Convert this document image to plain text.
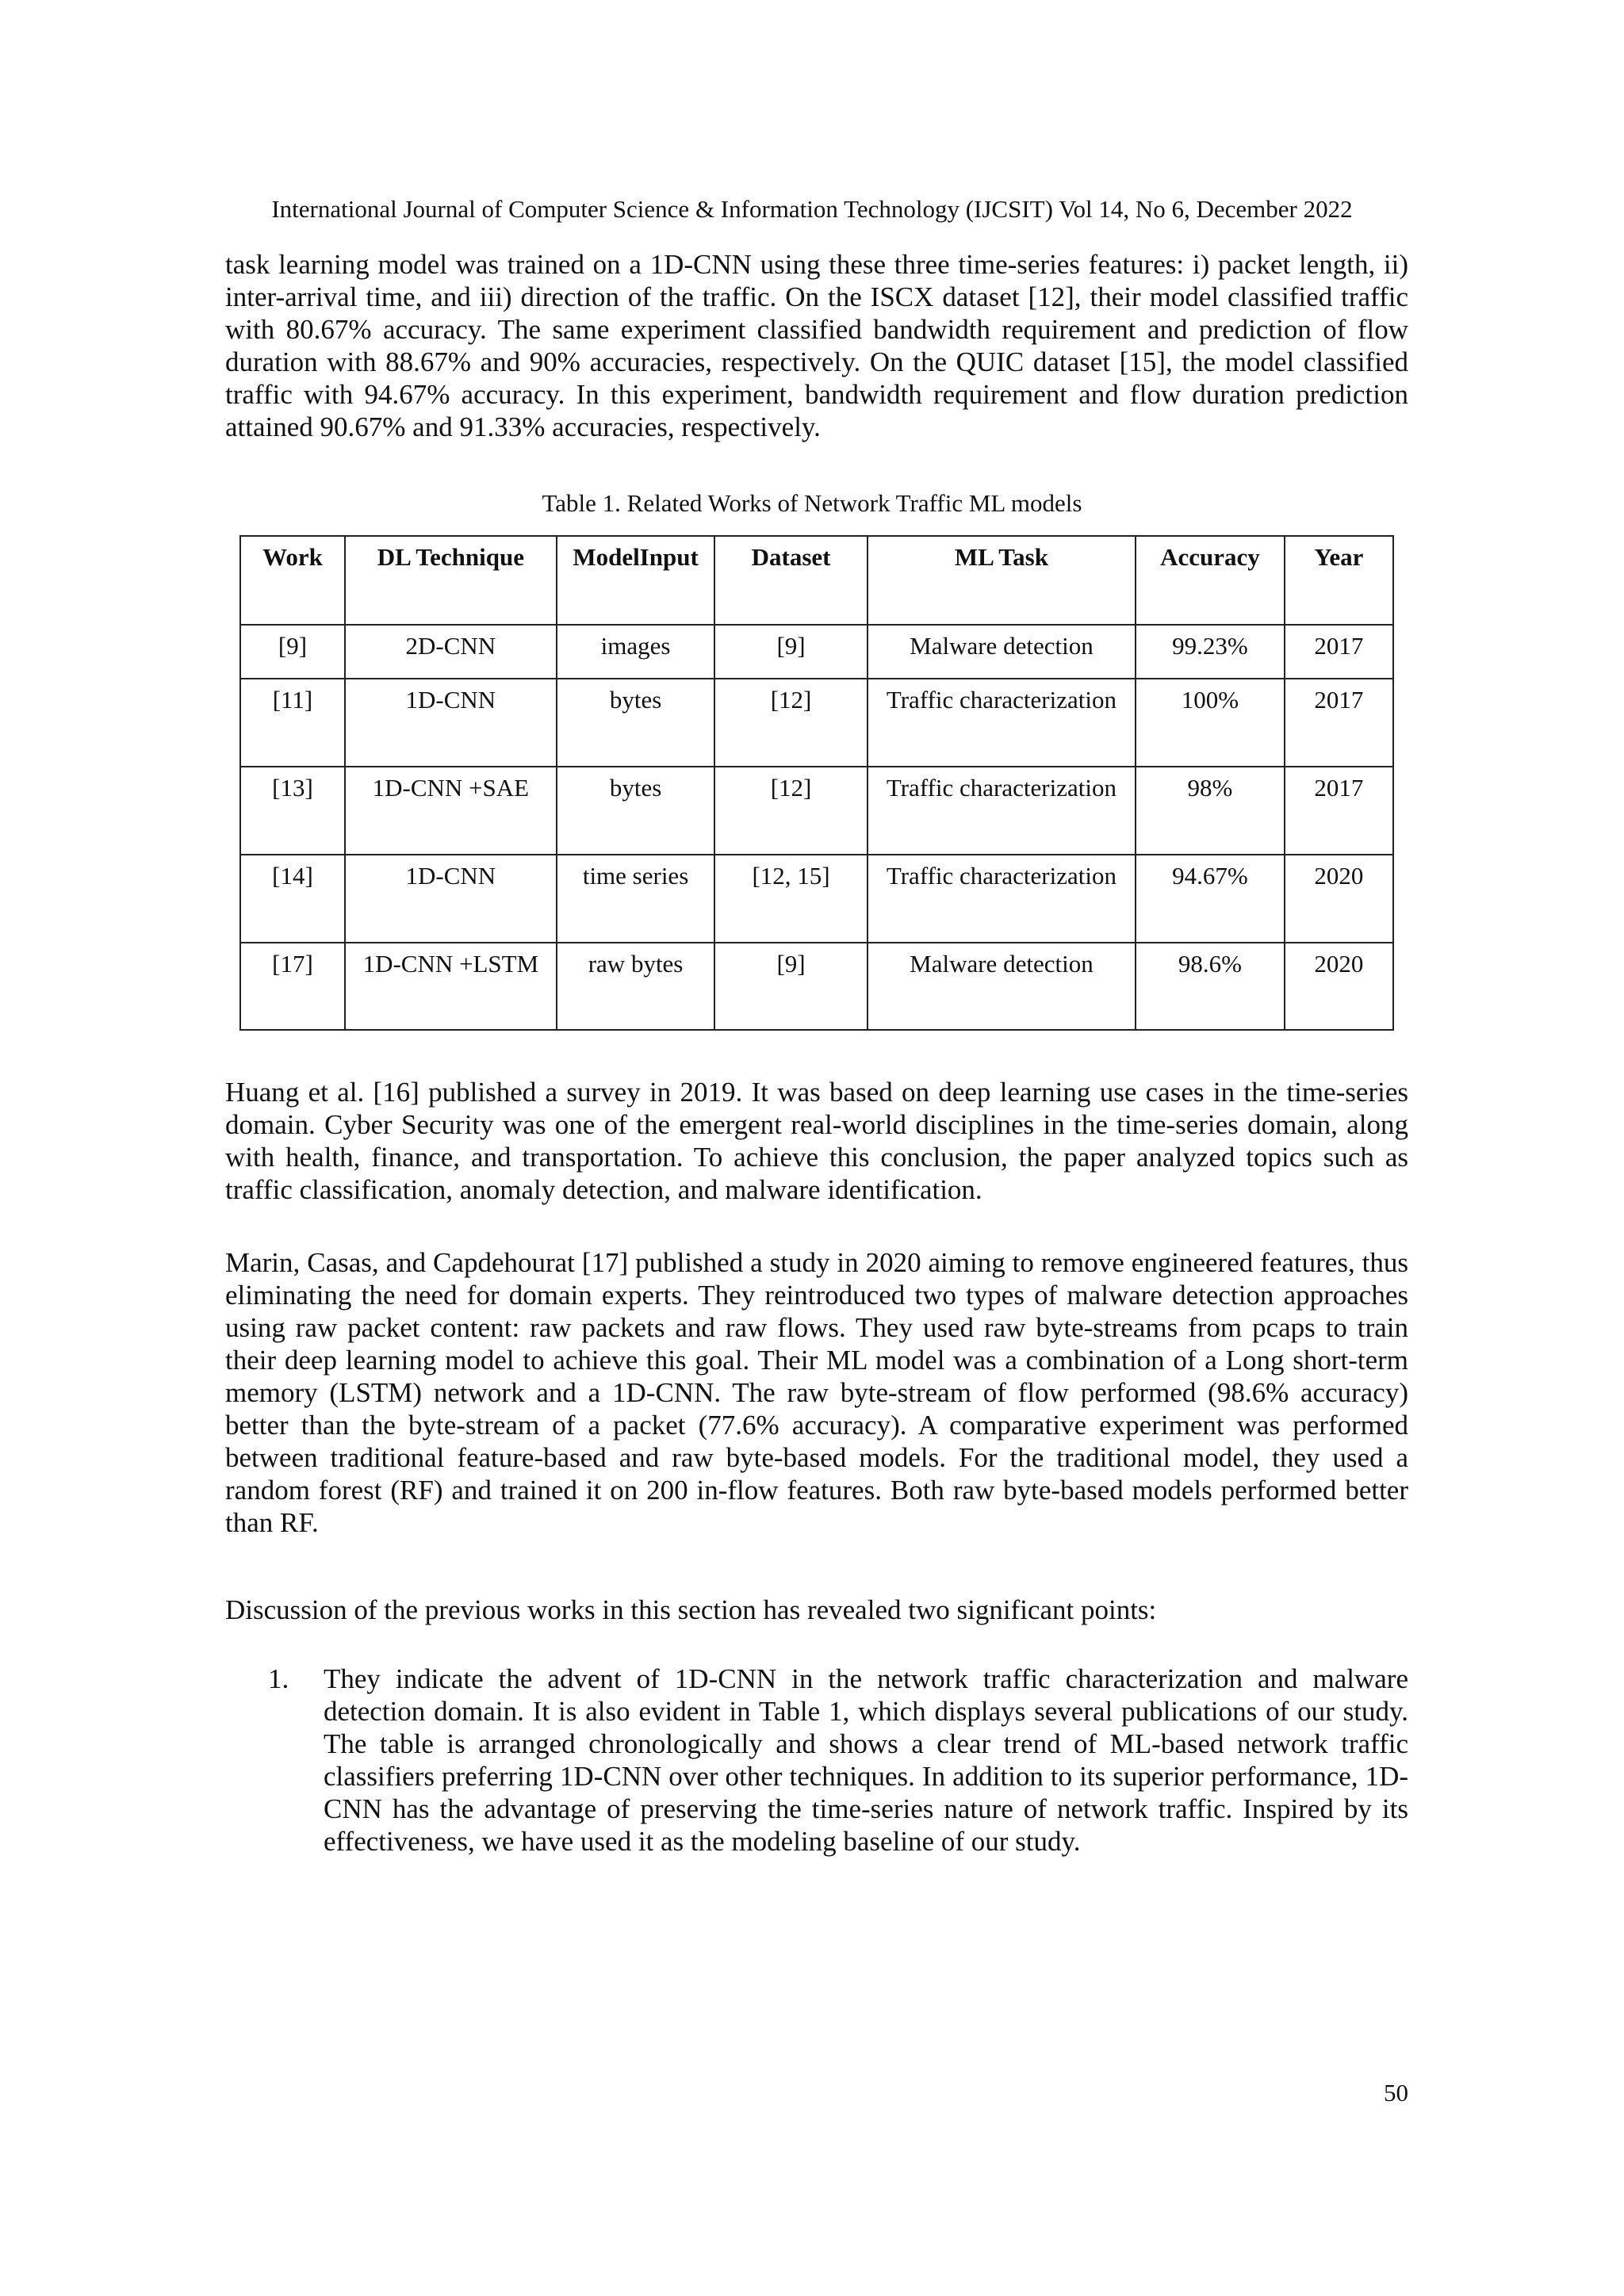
International Journal of Computer Science & Information Technology (IJCSIT) Vol 14, No 6, December 2022

task learning model was trained on a 1D-CNN using these three time-series features: i) packet length, ii) inter-arrival time, and iii) direction of the traffic. On the ISCX dataset [12], their model classified traffic with 80.67% accuracy. The same experiment classified bandwidth requirement and prediction of flow duration with 88.67% and 90% accuracies, respectively. On the QUIC dataset [15], the model classified traffic with 94.67% accuracy. In this experiment, bandwidth requirement and flow duration prediction attained 90.67% and 91.33% accuracies, respectively.

Table 1. Related Works of Network Traffic ML models
Work	DL Technique	ModelInput	Dataset	ML Task	Accuracy	Year
[9]	2D-CNN	images	[9]	Malware detection	99.23%	2017
[11]	1D-CNN	bytes	[12]	Traffic characterization	100%	2017
[13]	1D-CNN +SAE	bytes	[12]	Traffic characterization	98%	2017
[14]	1D-CNN	time series	[12, 15]	Traffic characterization	94.67%	2020
[17]	1D-CNN +LSTM	raw bytes	[9]	Malware detection	98.6%	2020

Huang et al. [16] published a survey in 2019. It was based on deep learning use cases in the time-series domain. Cyber Security was one of the emergent real-world disciplines in the time-series domain, along with health, finance, and transportation. To achieve this conclusion, the paper analyzed topics such as traffic classification, anomaly detection, and malware identification.

Marin, Casas, and Capdehourat [17] published a study in 2020 aiming to remove engineered features, thus eliminating the need for domain experts. They reintroduced two types of malware detection approaches using raw packet content: raw packets and raw flows. They used raw byte-streams from pcaps to train their deep learning model to achieve this goal. Their ML model was a combination of a Long short-term memory (LSTM) network and a 1D-CNN. The raw byte-stream of flow performed (98.6% accuracy) better than the byte-stream of a packet (77.6% accuracy). A comparative experiment was performed between traditional feature-based and raw byte-based models. For the traditional model, they used a random forest (RF) and trained it on 200 in-flow features. Both raw byte-based models performed better than RF.

Discussion of the previous works in this section has revealed two significant points:

1. They indicate the advent of 1D-CNN in the network traffic characterization and malware detection domain. It is also evident in Table 1, which displays several publications of our study. The table is arranged chronologically and shows a clear trend of ML-based network traffic classifiers preferring 1D-CNN over other techniques. In addition to its superior performance, 1D-CNN has the advantage of preserving the time-series nature of network traffic. Inspired by its effectiveness, we have used it as the modeling baseline of our study.

50
